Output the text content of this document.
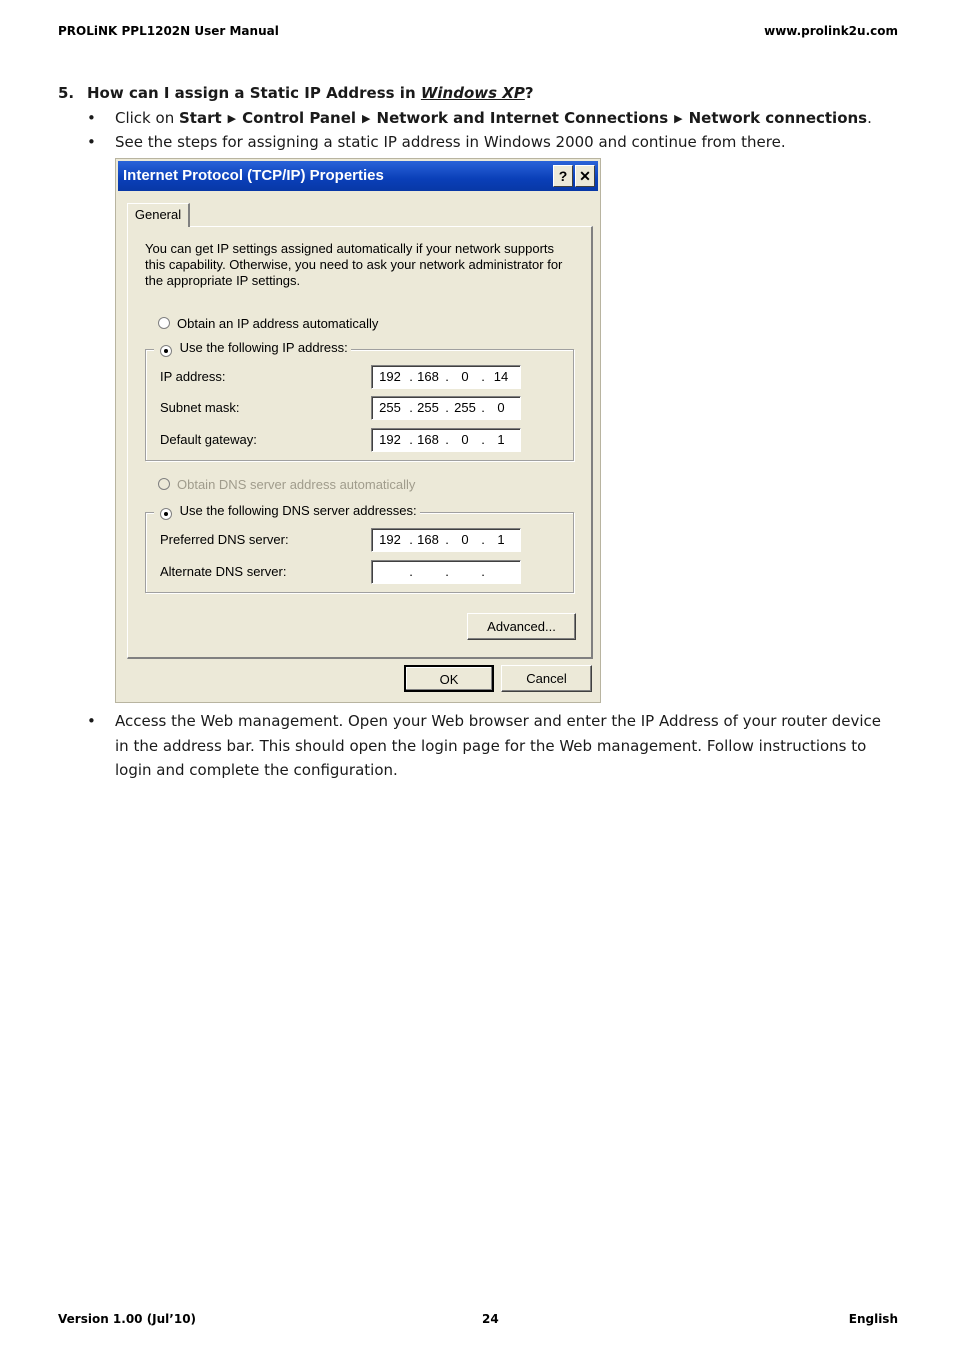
PROLiNK PPL1202N User Manual	www.prolink2u.com
5. How can I assign a Static IP Address in Windows XP?
• Click on Start ▶ Control Panel ▶ Network and Internet Connections ▶ Network connections.
• See the steps for assigning a static IP address in Windows 2000 and continue from there.
Internet Protocol (TCP/IP) Properties	? ✕
General
You can get IP settings assigned automatically if your network supports this capability. Otherwise, you need to ask your network administrator for the appropriate IP settings.
Obtain an IP address automatically
Use the following IP address:
IP address:	192 . 168 . 0 . 14
Subnet mask:	255 . 255 . 255 . 0
Default gateway:	192 . 168 . 0 . 1
Obtain DNS server address automatically
Use the following DNS server addresses:
Preferred DNS server:	192 . 168 . 0 . 1
Alternate DNS server:	. . .
Advanced...
OK	Cancel
• Access the Web management. Open your Web browser and enter the IP Address of your router device in the address bar. This should open the login page for the Web management. Follow instructions to login and complete the configuration.
Version 1.00 (Jul’10)	24	English
